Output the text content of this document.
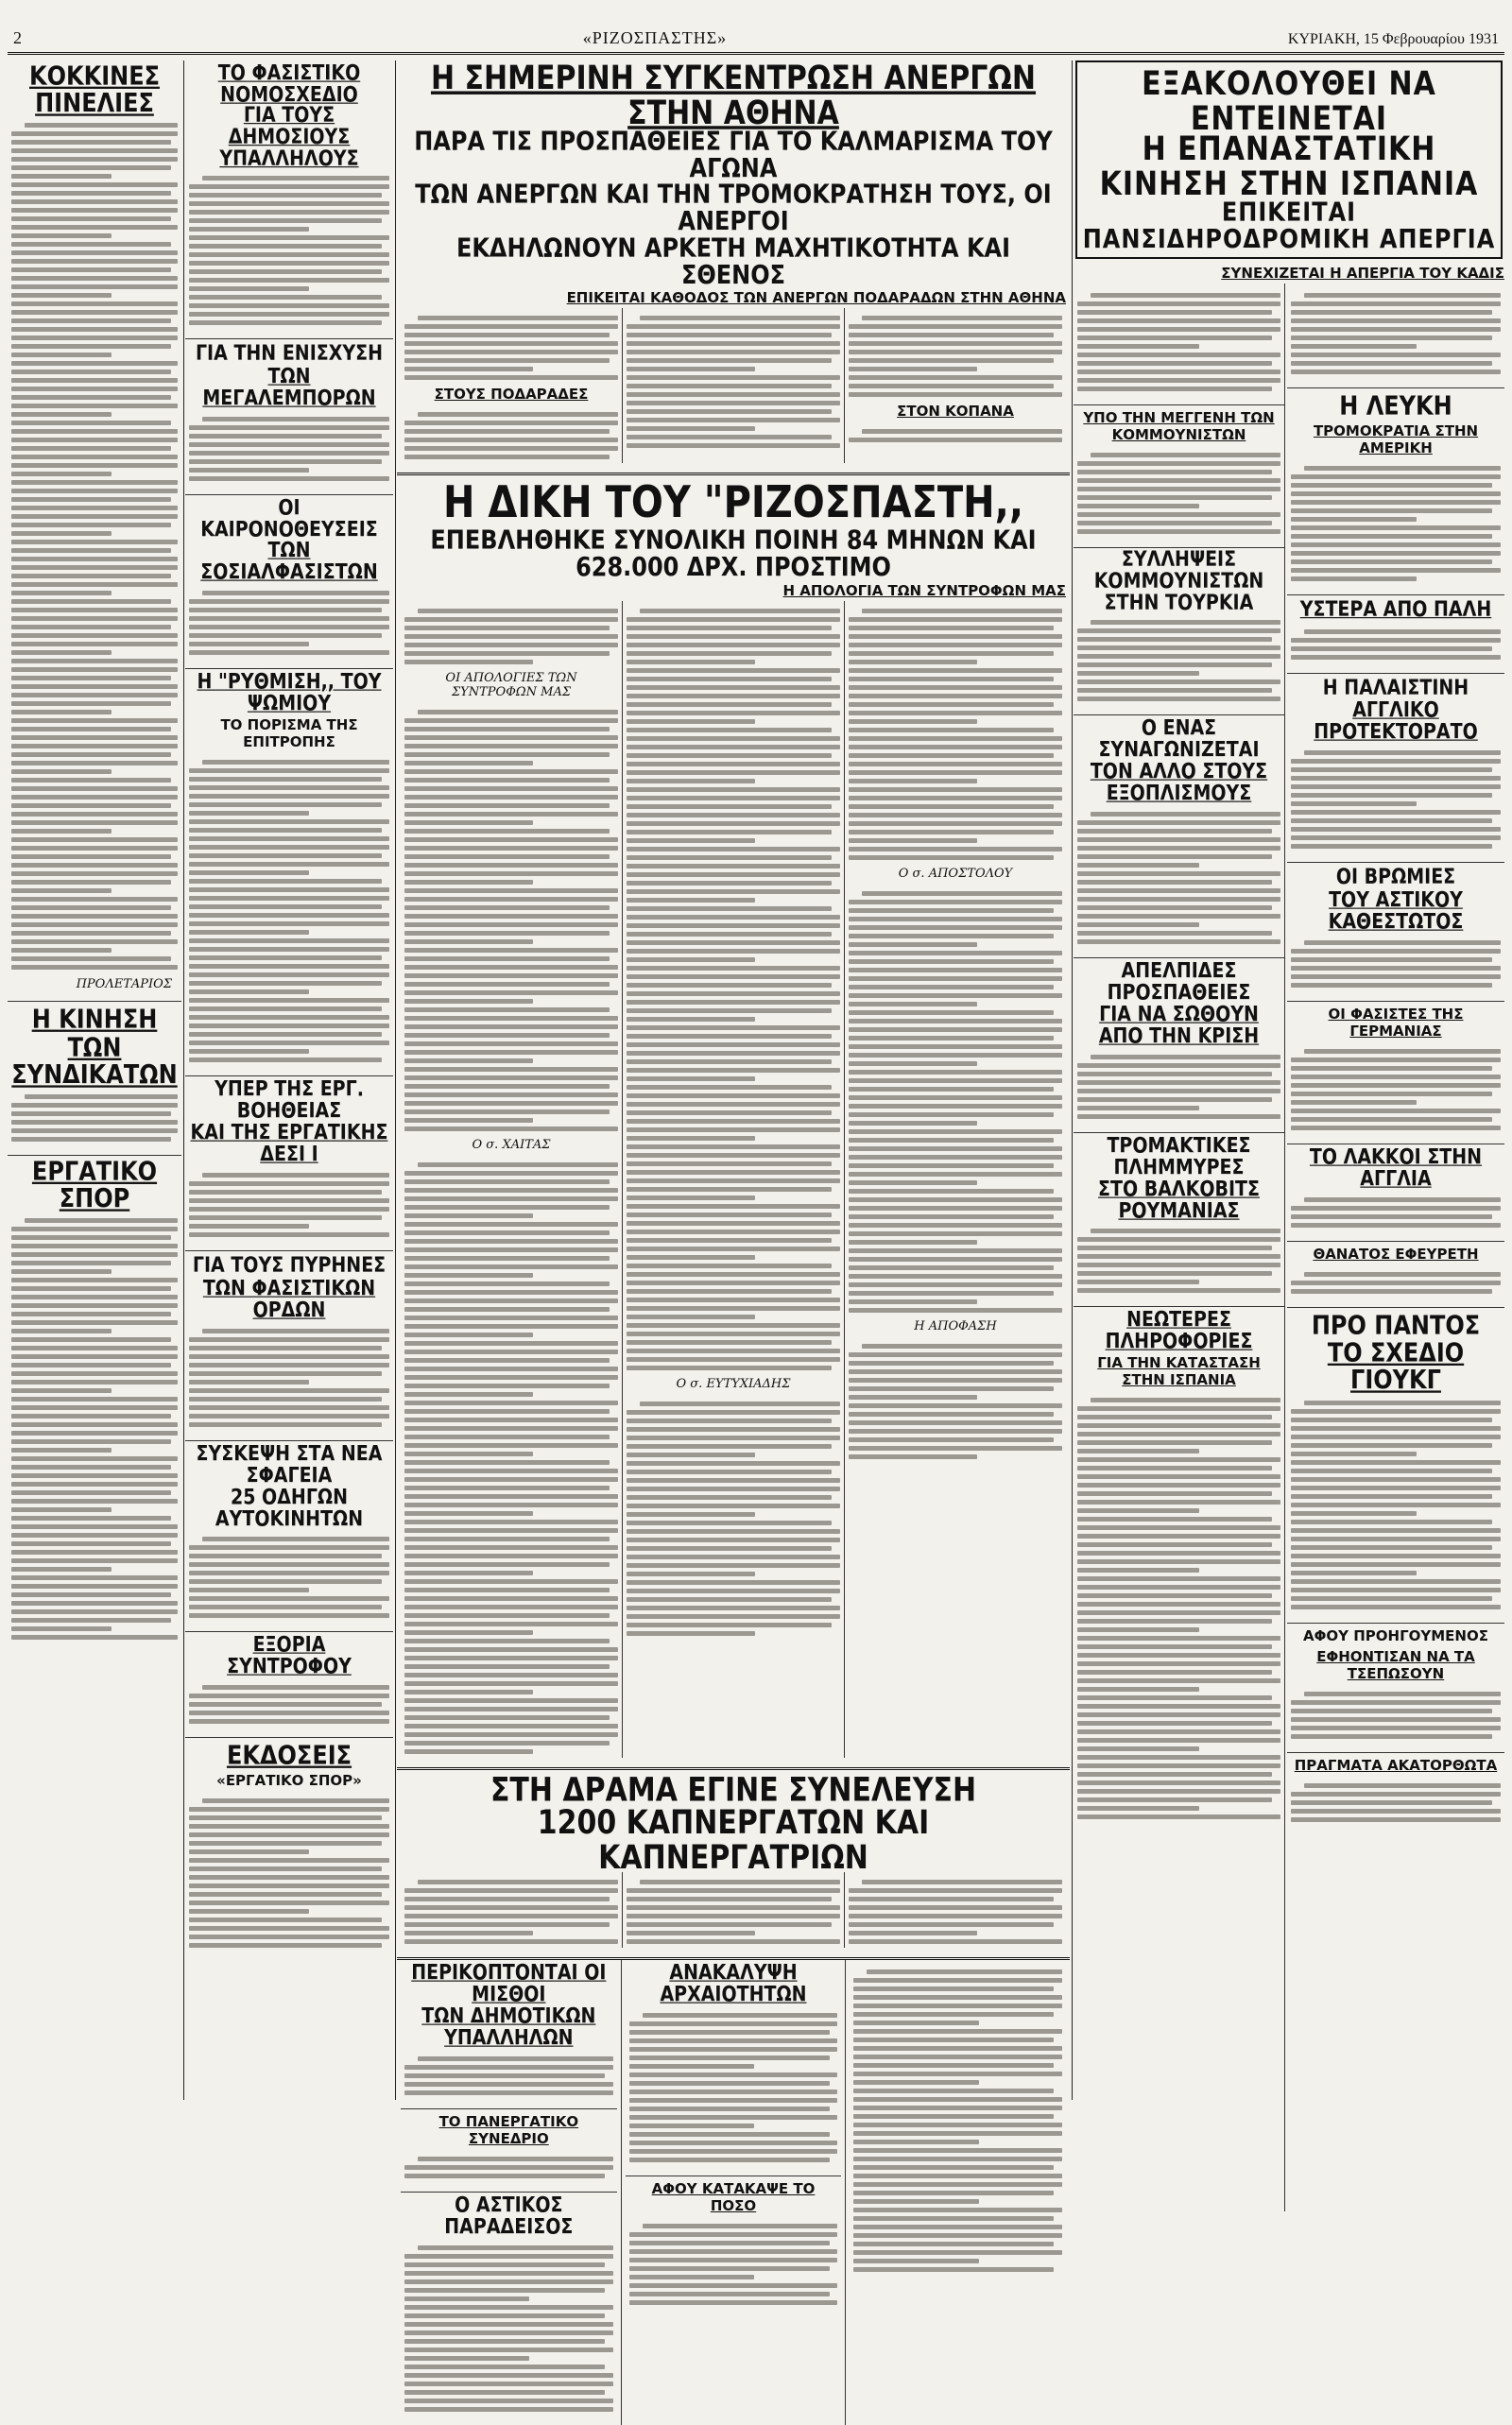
2	«ΡΙΖΟΣΠΑΣΤΗΣ»	ΚΥΡΙΑΚΗ, 15 Φεβρουαρίου 1931
ΚΟΚΚΙΝΕΣ ΠΙΝΕΛΙΕΣ
ΠΡΟΛΕΤΑΡΙΟΣ
Η ΚΙΝΗΣΗ
ΤΩΝ ΣΥΝΔΙΚΑΤΩΝ
ΕΡΓΑΤΙΚΟ ΣΠΟΡ
ΤΟ ΦΑΣΙΣΤΙΚΟ ΝΟΜΟΣΧΕΔΙΟ
ΓΙΑ ΤΟΥΣ ΔΗΜΟΣΙΟΥΣ ΥΠΑΛΛΗΛΟΥΣ
ΓΙΑ ΤΗΝ ΕΝΙΣΧΥΣΗ
ΤΩΝ ΜΕΓΑΛΕΜΠΟΡΩΝ
ΟΙ ΚΑΙΡΟΝΟΘΕΥΣΕΙΣ
ΤΩΝ ΣΟΣΙΑΛΦΑΣΙΣΤΩΝ
Η "ΡΥΘΜΙΣΗ,, ΤΟΥ ΨΩΜΙΟΥ
ΤΟ ΠΟΡΙΣΜΑ ΤΗΣ ΕΠΙΤΡΟΠΗΣ
ΥΠΕΡ ΤΗΣ ΕΡΓ. ΒΟΗΘΕΙΑΣ
ΚΑΙ ΤΗΣ ΕΡΓΑΤΙΚΗΣ ΔΕΣΙ Ι
ΓΙΑ ΤΟΥΣ ΠΥΡΗΝΕΣ
ΤΩΝ ΦΑΣΙΣΤΙΚΩΝ ΟΡΔΩΝ
ΣΥΣΚΕΨΗ ΣΤΑ ΝΕΑ ΣΦΑΓΕΙΑ
25 ΟΔΗΓΩΝ ΑΥΤΟΚΙΝΗΤΩΝ
ΕΞΟΡΙΑ ΣΥΝΤΡΟΦΟΥ
ΕΚΔΟΣΕΙΣ
«ΕΡΓΑΤΙΚΟ ΣΠΟΡ»
Η ΣΗΜΕΡΙΝΗ ΣΥΓΚΕΝΤΡΩΣΗ ΑΝΕΡΓΩΝ ΣΤΗΝ ΑΘΗΝΑ
ΠΑΡΑ ΤΙΣ ΠΡΟΣΠΑΘΕΙΕΣ ΓΙΑ ΤΟ ΚΑΛΜΑΡΙΣΜΑ ΤΟΥ ΑΓΩΝΑ
ΤΩΝ ΑΝΕΡΓΩΝ ΚΑΙ ΤΗΝ ΤΡΟΜΟΚΡΑΤΗΣΗ ΤΟΥΣ, ΟΙ ΑΝΕΡΓΟΙ
ΕΚΔΗΛΩΝΟΥΝ ΑΡΚΕΤΗ ΜΑΧΗΤΙΚΟΤΗΤΑ ΚΑΙ ΣΘΕΝΟΣ
ΕΠΙΚΕΙΤΑΙ ΚΑΘΟΔΟΣ ΤΩΝ ΑΝΕΡΓΩΝ ΠΟΔΑΡΑΔΩΝ ΣΤΗΝ ΑΘΗΝΑ
ΣΤΟΥΣ ΠΟΔΑΡΑΔΕΣ
ΣΤΟΝ ΚΟΠΑΝΑ
Η ΔΙΚΗ ΤΟΥ "ΡΙΖΟΣΠΑΣΤΗ,,
ΕΠΕΒΛΗΘΗΚΕ ΣΥΝΟΛΙΚΗ ΠΟΙΝΗ 84 ΜΗΝΩΝ ΚΑΙ 628.000 ΔΡΧ. ΠΡΟΣΤΙΜΟ
Η ΑΠΟΛΟΓΙΑ ΤΩΝ ΣΥΝΤΡΟΦΩΝ ΜΑΣ
ΟΙ ΑΠΟΛΟΓΙΕΣ ΤΩΝ ΣΥΝΤΡΟΦΩΝ ΜΑΣ
Ο σ. ΧΑΙΤΑΣ
Ο σ. ΕΥΤΥΧΙΑΔΗΣ
Ο σ. ΑΠΟΣΤΟΛΟΥ
Η ΑΠΟΦΑΣΗ
ΣΤΗ ΔΡΑΜΑ ΕΓΙΝΕ ΣΥΝΕΛΕΥΣΗ
1200 ΚΑΠΝΕΡΓΑΤΩΝ ΚΑΙ ΚΑΠΝΕΡΓΑΤΡΙΩΝ
ΠΕΡΙΚΟΠΤΟΝΤΑΙ ΟΙ ΜΙΣΘΟΙ
ΤΩΝ ΔΗΜΟΤΙΚΩΝ ΥΠΑΛΛΗΛΩΝ
ΤΟ ΠΑΝΕΡΓΑΤΙΚΟ ΣΥΝΕΔΡΙΟ
Ο ΑΣΤΙΚΟΣ ΠΑΡΑΔΕΙΣΟΣ
ΑΝΑΚΑΛΥΨΗ ΑΡΧΑΙΟΤΗΤΩΝ
ΑΦΟΥ ΚΑΤΑΚΑΨΕ ΤΟ ΠΟΣΟ
ΕΞΑΚΟΛΟΥΘΕΙ ΝΑ ΕΝΤΕΙΝΕΤΑΙ
Η ΕΠΑΝΑΣΤΑΤΙΚΗ ΚΙΝΗΣΗ ΣΤΗΝ ΙΣΠΑΝΙΑ
ΕΠΙΚΕΙΤΑΙ ΠΑΝΣΙΔΗΡΟΔΡΟΜΙΚΗ ΑΠΕΡΓΙΑ
ΣΥΝΕΧΙΖΕΤΑΙ Η ΑΠΕΡΓΙΑ ΤΟΥ ΚΑΔΙΣ
ΥΠΟ ΤΗΝ ΜΕΓΓΕΝΗ ΤΩΝ ΚΟΜΜΟΥΝΙΣΤΩΝ
ΣΥΛΛΗΨΕΙΣ ΚΟΜΜΟΥΝΙΣΤΩΝ ΣΤΗΝ ΤΟΥΡΚΙΑ
Ο ΕΝΑΣ ΣΥΝΑΓΩΝΙΖΕΤΑΙ
ΤΟΝ ΑΛΛΟ ΣΤΟΥΣ ΕΞΟΠΛΙΣΜΟΥΣ
ΑΠΕΛΠΙΔΕΣ ΠΡΟΣΠΑΘΕΙΕΣ
ΓΙΑ ΝΑ ΣΩΘΟΥΝ ΑΠΟ ΤΗΝ ΚΡΙΣΗ
ΤΡΟΜΑΚΤΙΚΕΣ ΠΛΗΜΜΥΡΕΣ
ΣΤΟ ΒΑΛΚΟΒΙΤΣ ΡΟΥΜΑΝΙΑΣ
ΝΕΩΤΕΡΕΣ ΠΛΗΡΟΦΟΡΙΕΣ
ΓΙΑ ΤΗΝ ΚΑΤΑΣΤΑΣΗ ΣΤΗΝ ΙΣΠΑΝΙΑ
Η ΛΕΥΚΗ
ΤΡΟΜΟΚΡΑΤΙΑ ΣΤΗΝ ΑΜΕΡΙΚΗ
ΥΣΤΕΡΑ ΑΠΟ ΠΑΛΗ
Η ΠΑΛΑΙΣΤΙΝΗ
ΑΓΓΛΙΚΟ ΠΡΟΤΕΚΤΟΡΑΤΟ
ΟΙ ΒΡΩΜΙΕΣ
ΤΟΥ ΑΣΤΙΚΟΥ ΚΑΘΕΣΤΩΤΟΣ
ΟΙ ΦΑΣΙΣΤΕΣ ΤΗΣ ΓΕΡΜΑΝΙΑΣ
ΤΟ ΛΑΚΚΟΙ ΣΤΗΝ ΑΓΓΛΙΑ
ΘΑΝΑΤΟΣ ΕΦΕΥΡΕΤΗ
ΠΡΟ ΠΑΝΤΟΣ
ΤΟ ΣΧΕΔΙΟ ΓΙΟΥΚΓ
ΑΦΟΥ ΠΡΟΗΓΟΥΜΕΝΟΣ
ΕΦΗΟΝΤΙΣΑΝ ΝΑ ΤΑ ΤΣΕΠΩΣΟΥΝ
ΠΡΑΓΜΑΤΑ ΑΚΑΤΟΡΘΩΤΑ
